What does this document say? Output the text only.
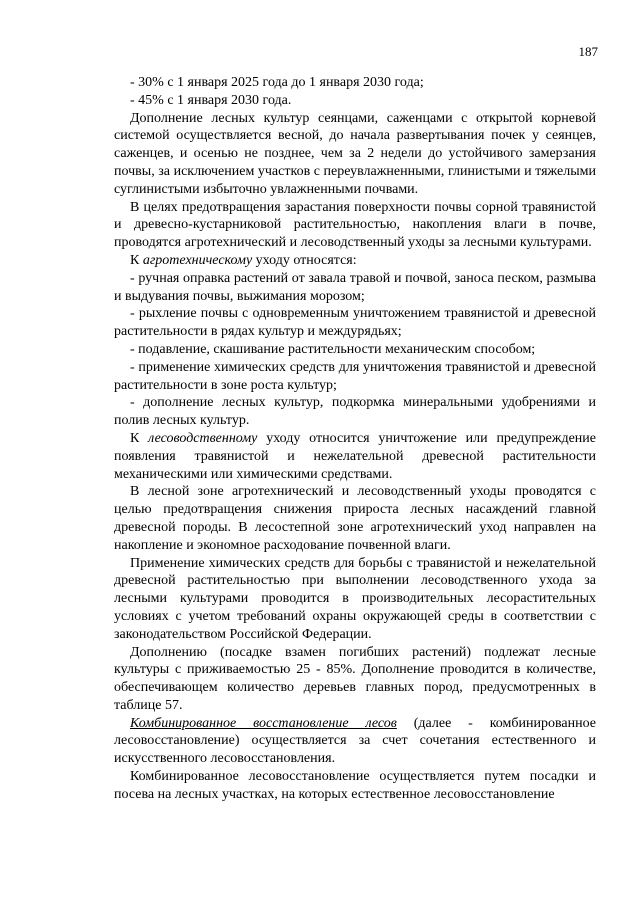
187

- 30% с 1 января 2025 года до 1 января 2030 года;

- 45% с 1 января 2030 года.

Дополнение лесных культур сеянцами, саженцами с открытой корневой системой осуществляется весной, до начала развертывания почек у сеянцев, саженцев, и осенью не позднее, чем за 2 недели до устойчивого замерзания почвы, за исключением участков с переувлажненными, глинистыми и тяжелыми суглинистыми избыточно увлажненными почвами.

В целях предотвращения зарастания поверхности почвы сорной травянистой и древесно-кустарниковой растительностью, накопления влаги в почве, проводятся агротехнический и лесоводственный уходы за лесными культурами.

К агротехническому уходу относятся:

- ручная оправка растений от завала травой и почвой, заноса песком, размыва и выдувания почвы, выжимания морозом;

- рыхление почвы с одновременным уничтожением травянистой и древесной растительности в рядах культур и междурядьях;

- подавление, скашивание растительности механическим способом;

- применение химических средств для уничтожения травянистой и древесной растительности в зоне роста культур;

- дополнение лесных культур, подкормка минеральными удобрениями и полив лесных культур.

К лесоводственному уходу относится уничтожение или предупреждение появления травянистой и нежелательной древесной растительности механическими или химическими средствами.

В лесной зоне агротехнический и лесоводственный уходы проводятся с целью предотвращения снижения прироста лесных насаждений главной древесной породы. В лесостепной зоне агротехнический уход направлен на накопление и экономное расходование почвенной влаги.

Применение химических средств для борьбы с травянистой и нежелательной древесной растительностью при выполнении лесоводственного ухода за лесными культурами проводится в производительных лесорастительных условиях с учетом требований охраны окружающей среды в соответствии с законодательством Российской Федерации.

Дополнению (посадке взамен погибших растений) подлежат лесные культуры с приживаемостью 25 - 85%. Дополнение проводится в количестве, обеспечивающем количество деревьев главных пород, предусмотренных в таблице 57.

Комбинированное восстановление лесов (далее - комбинированное лесовосстановление) осуществляется за счет сочетания естественного и искусственного лесовосстановления.

Комбинированное лесовосстановление осуществляется путем посадки и посева на лесных участках, на которых естественное лесовосстановление
